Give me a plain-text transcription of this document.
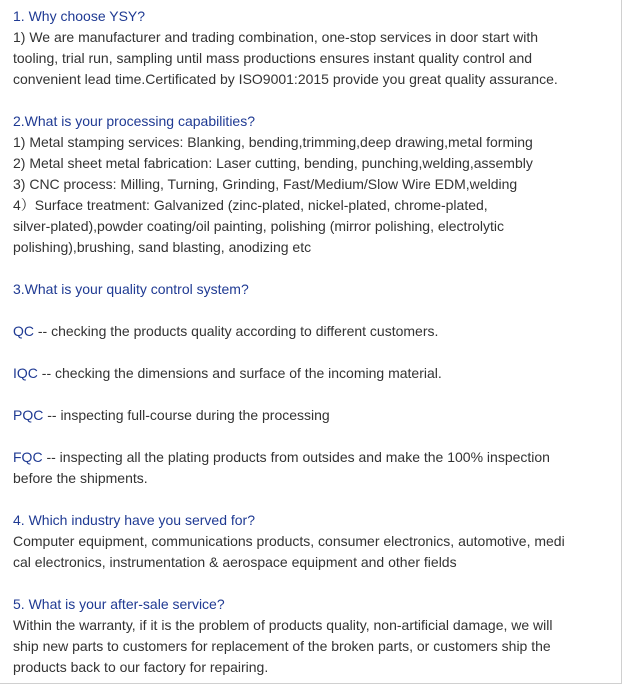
1. Why choose YSY?
1) We are manufacturer and trading combination, one-stop services in door start with
tooling, trial run, sampling until mass productions ensures instant quality control and
convenient lead time.Certificated by ISO9001:2015 provide you great quality assurance.
2.What is your processing capabilities?
1) Metal stamping services: Blanking, bending,trimming,deep drawing,metal forming
2) Metal sheet metal fabrication: Laser cutting, bending, punching,welding,assembly
3) CNC process: Milling, Turning, Grinding, Fast/Medium/Slow Wire EDM,welding
4）Surface treatment: Galvanized (zinc-plated, nickel-plated, chrome-plated,
silver-plated),powder coating/oil painting, polishing (mirror polishing, electrolytic
polishing),brushing, sand blasting, anodizing etc
3.What is your quality control system?
QC -- checking the products quality according to different customers.
IQC -- checking the dimensions and surface of the incoming material.
PQC -- inspecting full-course during the processing
FQC -- inspecting all the plating products from outsides and make the 100% inspection
before the shipments.
4. Which industry have you served for?
Computer equipment, communications products, consumer electronics, automotive, medi
cal electronics, instrumentation & aerospace equipment and other fields
5. What is your after-sale service?
Within the warranty, if it is the problem of products quality, non-artificial damage, we will
ship new parts to customers for replacement of the broken parts, or customers ship the
products back to our factory for repairing.
